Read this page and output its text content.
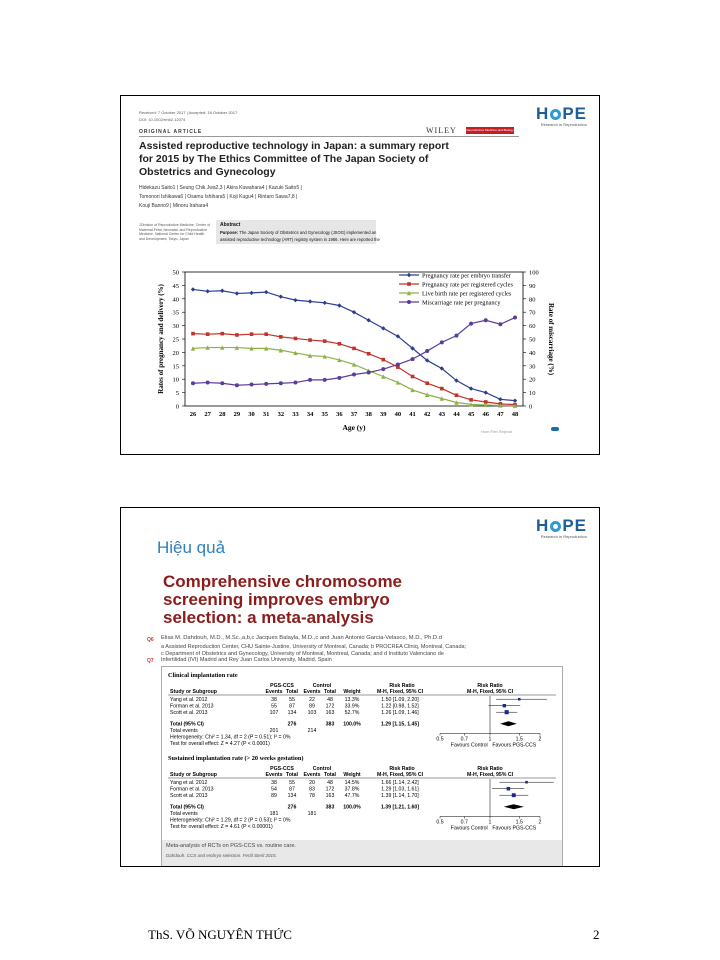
Received: 7 October 2017 | Accepted: 16 October 2017
DOI: 10.1002/rmb2.12074	H PE
Research in Reproduction
ORIGINAL ARTICLE	WILEY	Reproductive Medicine and Biology
Assisted reproductive technology in Japan: a summary report
for 2015 by The Ethics Committee of The Japan Society of
Obstetrics and Gynecology
Hidekazu Saito1 | Seung Chik Jwa2,3 | Akira Kuwahara4 | Kazuki Saito5 |
Tomonori Ishikawa6 | Osamu Ishihara5 | Koji Kugu4 | Rintaro Sawa7,8 |
Kouji Banno9 | Minoru Irahara4
1Division of Reproductive Medicine, Center of
Maternal-Fetal, Neonatal, and Reproductive
Medicine, National Center for Child Health
and Development, Tokyo, Japan
Abstract
Purpose: The Japan Society of Obstetrics and Gynecology (JSOG) implemented an
assisted reproductive technology (ART) registry system in 1986. Here are reported the
0
5
10
15
20
25
30
35
40
45
50
0
10
20
30
40
50
60
70
80
90
100
26 27 28 29 30 31 32 33 34 35 36 37 38 39 40 41 42 43 44 45 46 47 48
Age (y)
Rates of pregnancy and delivery (%)	Rate of miscarriage (%)
Pregnancy rate per embryo transfer
Pregnancy rate per registered cycles
Live birth rate per registered cycles
Miscarriage rate per pregnancy
Hum Fert Reprod
H PE
Research in Reproduction
Hiệu quả
Comprehensive chromosome
screening improves embryo
selection: a meta-analysis
Q6
Q7
Elias M. Dahdouh, M.D., M.Sc.,a,b,c Jacques Balayla, M.D.,c and Juan Antonio Garcia-Velasco, M.D., Ph.D.d
a Assisted Reproduction Center, CHU Sainte-Justine, University of Montreal, Canada; b PROCREA Cliniq, Montreal, Canada;
c Department of Obstetrics and Gynecology, University of Montreal, Montreal, Canada; and d Instituto Valenciano de
Infertilidad (IVI) Madrid and Rey Juan Carlos University, Madrid, Spain
Clinical implantation rate
PGS-CCS	Control	Risk Ratio	Risk Ratio
Study or Subgroup	Events Total Events Total Weight	M-H, Fixed, 95% CI	M-H, Fixed, 95% CI
Yang et al. 2012	38 55	22 48 13.3%	1.50 [1.09, 2.20]
Forman et al. 2013	55 87	89 172 33.9%	1.22 [0.98, 1.52]
Scott et al. 2013	107 134 103 163 52.7%	1.26 [1.09, 1.46]
Total (95% CI)	276	383 100.0%	1.29 [1.15, 1.45]
Total events	201	214
Heterogeneity: Chi² = 1.34, df = 2 (P = 0.51); I² = 0%
Test for overall effect: Z = 4.27 (P < 0.0001)
0.5	0.7	1	1.5	2
Favours Control Favours PGS-CCS
Sustained implantation rate (> 20 weeks gestation)
PGS-CCS	Control	Risk Ratio	Risk Ratio
Study or Subgroup	Events Total Events Total Weight	M-H, Fixed, 95% CI	M-H, Fixed, 95% CI
Yang et al. 2012	38 55	20 48 14.5%	1.66 [1.14, 2.42]
Forman et al. 2013	54 87	83 172 37.8%	1.29 [1.03, 1.61]
Scott et al. 2013	89 134 78 163 47.7%	1.39 [1.14, 1.70]
Total (95% CI)	276	383 100.0%	1.39 [1.21, 1.60]
Total events	181	181
Heterogeneity: Chi² = 1.29, df = 2 (P = 0.53); I² = 0%
Test for overall effect: Z = 4.61 (P < 0.00001)
0.5	0.7	1	1.5	2
Favours Control Favours PGS-CCS
Meta-analysis of RCTs on PGS-CCS vs. routine care.
Dahdouh. CCS and embryo selection. Fertil Steril 2015.
ThS. VÕ NGUYÊN THỨC	2
